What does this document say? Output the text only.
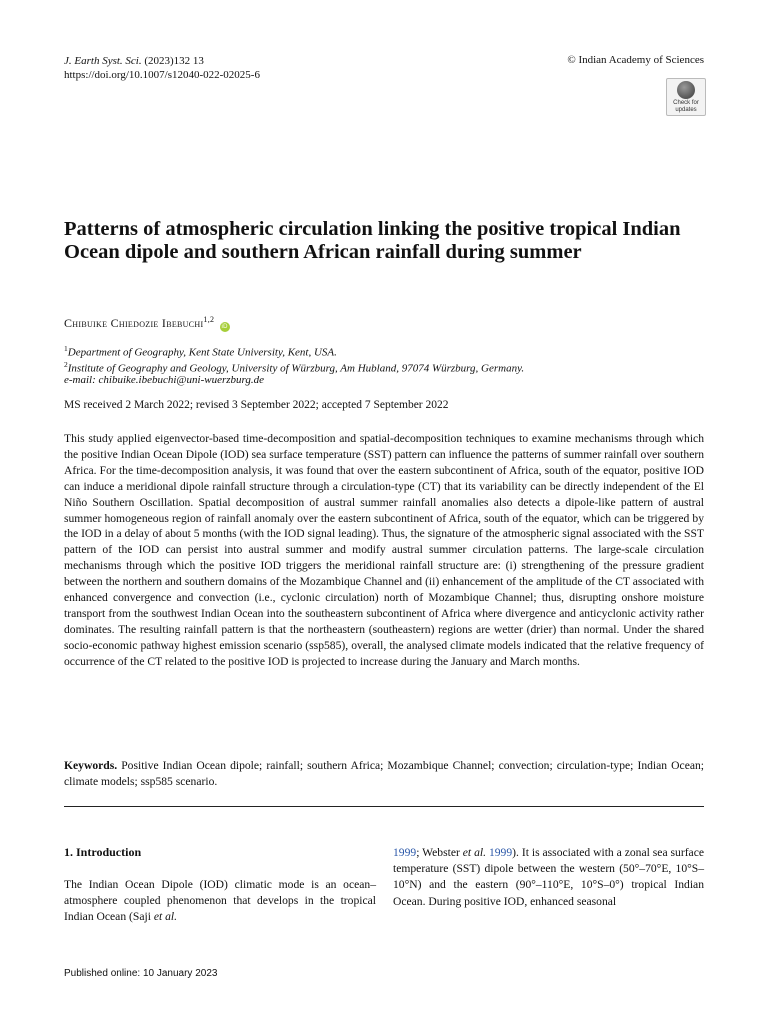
J. Earth Syst. Sci. (2023)132 13
https://doi.org/10.1007/s12040-022-02025-6
© Indian Academy of Sciences
Check for
updates
Patterns of atmospheric circulation linking the positive tropical Indian Ocean dipole and southern African rainfall during summer
Chibuike Chiedozie Ibebuchi$^{1,2}$ iD
$^1$Department of Geography, Kent State University, Kent, USA.
$^2$Institute of Geography and Geology, University of Würzburg, Am Hubland, 97074 Würzburg, Germany.
e-mail: chibuike.ibebuchi@uni-wuerzburg.de
MS received 2 March 2022; revised 3 September 2022; accepted 7 September 2022

This study applied eigenvector-based time-decomposition and spatial-decomposition techniques to examine mechanisms through which the positive Indian Ocean Dipole (IOD) sea surface temperature (SST) pattern can influence the patterns of summer rainfall over southern Africa. For the time-decomposition analysis, it was found that over the eastern subcontinent of Africa, south of the equator, positive IOD can induce a meridional dipole rainfall structure through a circulation-type (CT) that its variability can be directly independent of the El Niño Southern Oscillation. Spatial decomposition of austral summer rainfall anomalies also detects a dipole-like pattern of austral summer homogeneous region of rainfall anomaly over the eastern subcontinent of Africa, south of the equator, which can be triggered by the IOD in a delay of about 5 months (with the IOD signal leading). Thus, the signature of the atmospheric signal associated with the SST pattern of the IOD can persist into austral summer and modify austral summer circulation patterns. The large-scale circulation mechanisms through which the positive IOD triggers the meridional rainfall structure are: (i) strengthening of the pressure gradient between the northern and southern domains of the Mozambique Channel and (ii) enhancement of the amplitude of the CT associated with enhanced convergence and convection (i.e., cyclonic circulation) north of Mozambique Channel; thus, disrupting onshore moisture transport from the southwest Indian Ocean into the southeastern subcontinent of Africa where divergence and anticyclonic activity rather dominates. The resulting rainfall pattern is that the northeastern (southeastern) regions are wetter (drier) than normal. Under the shared socio-economic pathway highest emission scenario (ssp585), overall, the analysed climate models indicated that the relative frequency of occurrence of the CT related to the positive IOD is projected to increase during the January and March months.

Keywords. Positive Indian Ocean dipole; rainfall; southern Africa; Mozambique Channel; convection; circulation-type; Indian Ocean; climate models; ssp585 scenario.

1. Introduction

The Indian Ocean Dipole (IOD) climatic mode is an ocean–atmosphere coupled phenomenon that develops in the tropical Indian Ocean (Saji et al.

1999; Webster et al. 1999). It is associated with a zonal sea surface temperature (SST) dipole between the western (50°–70°E, 10°S–10°N) and the eastern (90°–110°E, 10°S–0°) tropical Indian Ocean. During positive IOD, enhanced seasonal

Published online: 10 January 2023
